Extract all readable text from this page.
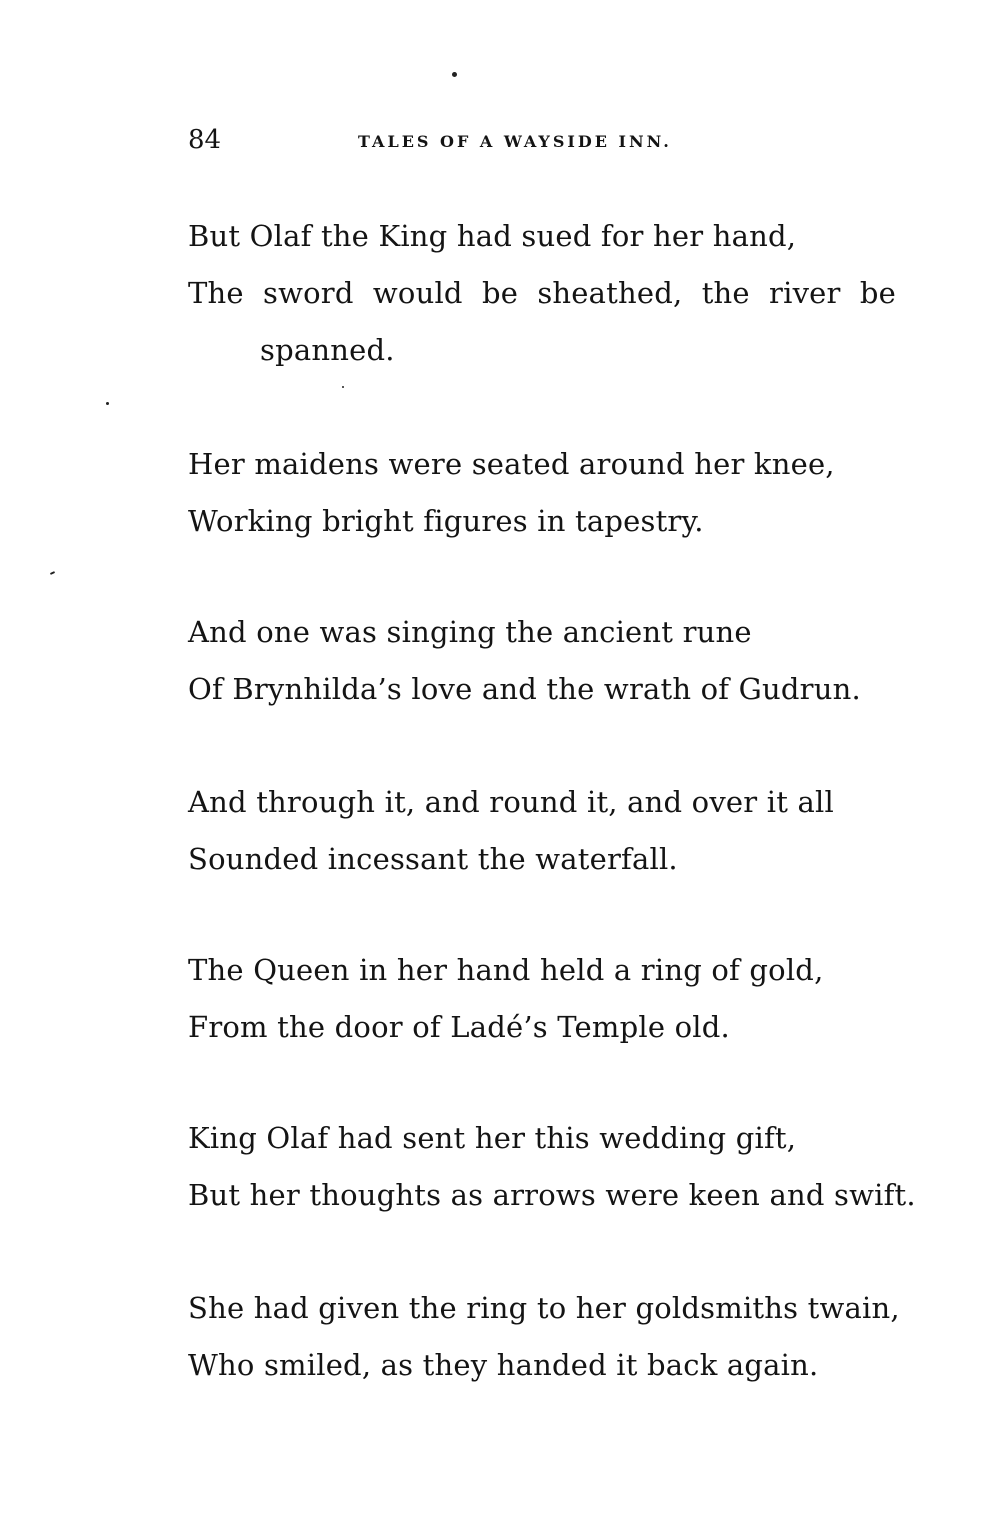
84	TALES OF A WAYSIDE INN.
But Olaf the King had sued for her hand,
The sword would be sheathed, the river be
spanned.
Her maidens were seated around her knee,
Working bright figures in tapestry.
And one was singing the ancient rune
Of Brynhilda’s love and the wrath of Gudrun.
And through it, and round it, and over it all
Sounded incessant the waterfall.
The Queen in her hand held a ring of gold,
From the door of Ladé’s Temple old.
King Olaf had sent her this wedding gift,
But her thoughts as arrows were keen and swift.
She had given the ring to her goldsmiths twain,
Who smiled, as they handed it back again.
